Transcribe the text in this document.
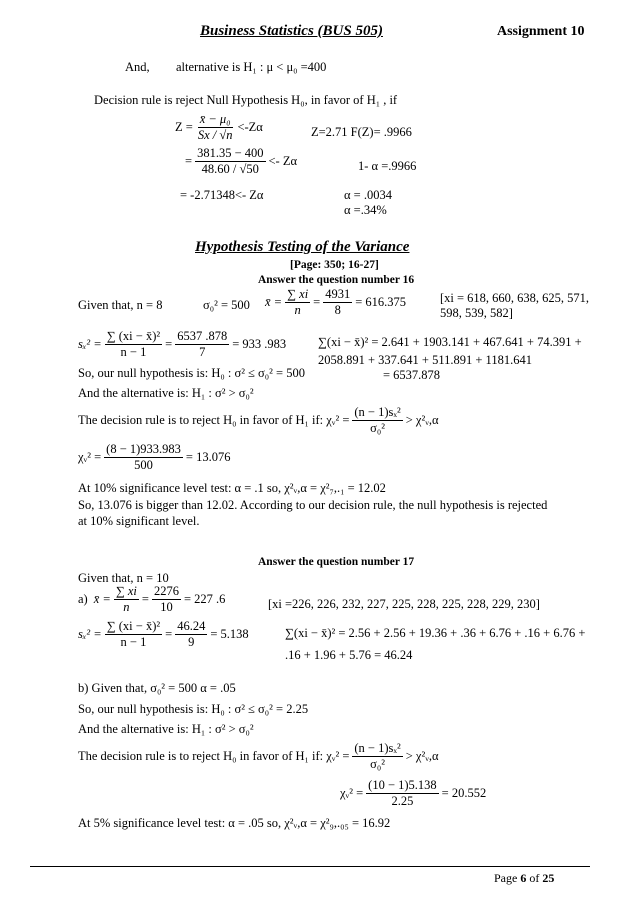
Business Statistics (BUS 505)	Assignment 10
And, alternative is H₁ : μ < μ₀ =400
Decision rule is reject Null Hypothesis H₀, in favor of H₁ , if
$Z = \frac{\text{x̄ − μ₀}}{Sx / √n} <-Z\alpha$	Z=2.71 F(Z)= .9966
= $\frac{381.35 - 400}{48.60 / √50} <- Z\alpha$	1- α =.9966
= -2.71348<- Zα	α = .0034
α =.34%
Hypothesis Testing of the Variance
[Page: 350; 16-27]
Answer the question number 16
Given that, n = 8	σ₀² = 500 x̄ = $\frac{\sum xi}{n} = \frac{4931}{8} = 616.375$	[xi = 618, 660, 638, 625, 571,
598, 539, 582]
$s_x^2 = \frac{\text{∑ (xi − x̄)²}}{n - 1} = \frac{6537 .878}{7} = 933$ .983	∑(xi − x̄)² = 2.641 + 1903.141 + 467.641 + 74.391 +
2058.891 + 337.641 + 511.891 + 1181.641
= 6537.878
So, our null hypothesis is: H₀ : σ² ≤ σ₀² = 500
And the alternative is: H₁ : σ² > σ₀²
The decision rule is to reject H₀ in favor of H₁ if: χᵥ² = $\frac{\text{(n − 1)sₓ²}}{\text{σ₀²}}$ > χ²ᵥ,α
χᵥ² = $\frac{(8 - 1)933.983}{500} = 13.076$
At 10% significance level test: α = .1 so, χ²ᵥ,α = χ²₇,.₁ = 12.02
So, 13.076 is bigger than 12.02. According to our decision rule, the null hypothesis is rejected
at 10% significant level.
Answer the question number 17
Given that, n = 10
a) x̄ = $\frac{\sum xi}{n} = \frac{2276}{10} = 227$ .6	[xi =226, 226, 232, 227, 225, 228, 225, 228, 229, 230]
$s_x^2 = \frac{\text{∑ (xi − x̄)²}}{n - 1} = \frac{46.24}{9} = 5.138$	∑(xi − x̄)² = 2.56 + 2.56 + 19.36 + .36 + 6.76 + .16 + 6.76 +
.16 + 1.96 + 5.76 = 46.24
b) Given that, σ₀² = 500 α = .05
So, our null hypothesis is: H₀ : σ² ≤ σ₀² = 2.25
And the alternative is: H₁ : σ² > σ₀²
The decision rule is to reject H₀ in favor of H₁ if: χᵥ² = $\frac{\text{(n − 1)sₓ²}}{\text{σ₀²}}$ > χ²ᵥ,α
χᵥ² = $\frac{(10 - 1)5.138}{2.25} = 20.552$
At 5% significance level test: α = .05 so, χ²ᵥ,α = χ²₉,.₀₅ = 16.92
Page 6 of 25
